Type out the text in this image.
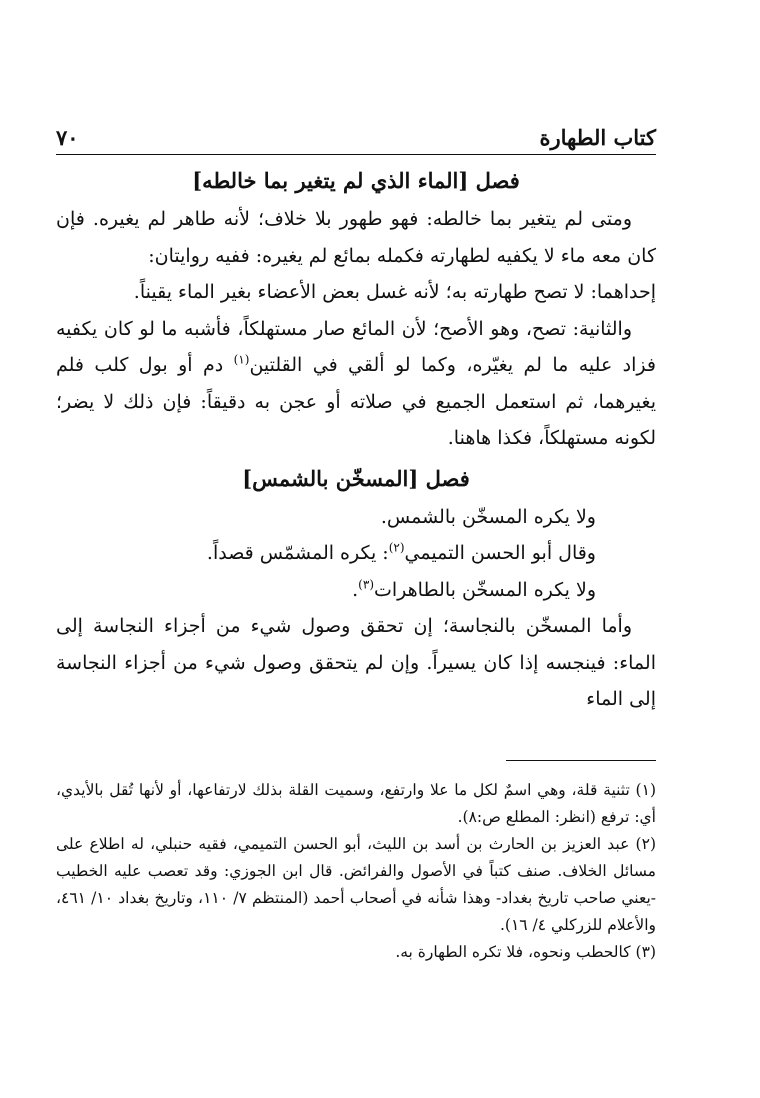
كتاب الطهارة
٧٠
فصل [الماء الذي لم يتغير بما خالطه]

ومتى لم يتغير بما خالطه: فهو طهور بلا خلاف؛ لأنه طاهر لم يغيره. فإن كان معه ماء لا يكفيه لطهارته فكمله بمائع لم يغيره: ففيه روايتان:

إحداهما: لا تصح طهارته به؛ لأنه غسل بعض الأعضاء بغير الماء يقيناً.

والثانية: تصح، وهو الأصح؛ لأن المائع صار مستهلكاً، فأشبه ما لو كان يكفيه فزاد عليه ما لم يغيّره، وكما لو ألقي في القلتين$^{(١)}$ دم أو بول كلب فلم يغيرهما، ثم استعمل الجميع في صلاته أو عجن به دقيقاً: فإن ذلك لا يضر؛ لكونه مستهلكاً، فكذا هاهنا.

فصل [المسخّن بالشمس]

ولا يكره المسخّن بالشمس.

وقال أبو الحسن التميمي$^{(٢)}$: يكره المشمّس قصداً.

ولا يكره المسخّن بالطاهرات$^{(٣)}$.

وأما المسخّن بالنجاسة؛ إن تحقق وصول شيء من أجزاء النجاسة إلى الماء: فينجسه إذا كان يسيراً. وإن لم يتحقق وصول شيء من أجزاء النجاسة إلى الماء

(١) تثنية قلة، وهي اسمٌ لكل ما علا وارتفع، وسميت القلة بذلك لارتفاعها، أو لأنها تُقل بالأيدي، أي: ترفع (انظر: المطلع ص:٨).

(٢) عبد العزيز بن الحارث بن أسد بن الليث، أبو الحسن التميمي، فقيه حنبلي، له اطلاع على مسائل الخلاف. صنف كتباً في الأصول والفرائض. قال ابن الجوزي: وقد تعصب عليه الخطيب -يعني صاحب تاريخ بغداد- وهذا شأنه في أصحاب أحمد (المنتظم ٧/ ١١٠، وتاريخ بغداد ١٠/ ٤٦١، والأعلام للزركلي ٤/ ١٦).

(٣) كالحطب ونحوه، فلا تكره الطهارة به.
